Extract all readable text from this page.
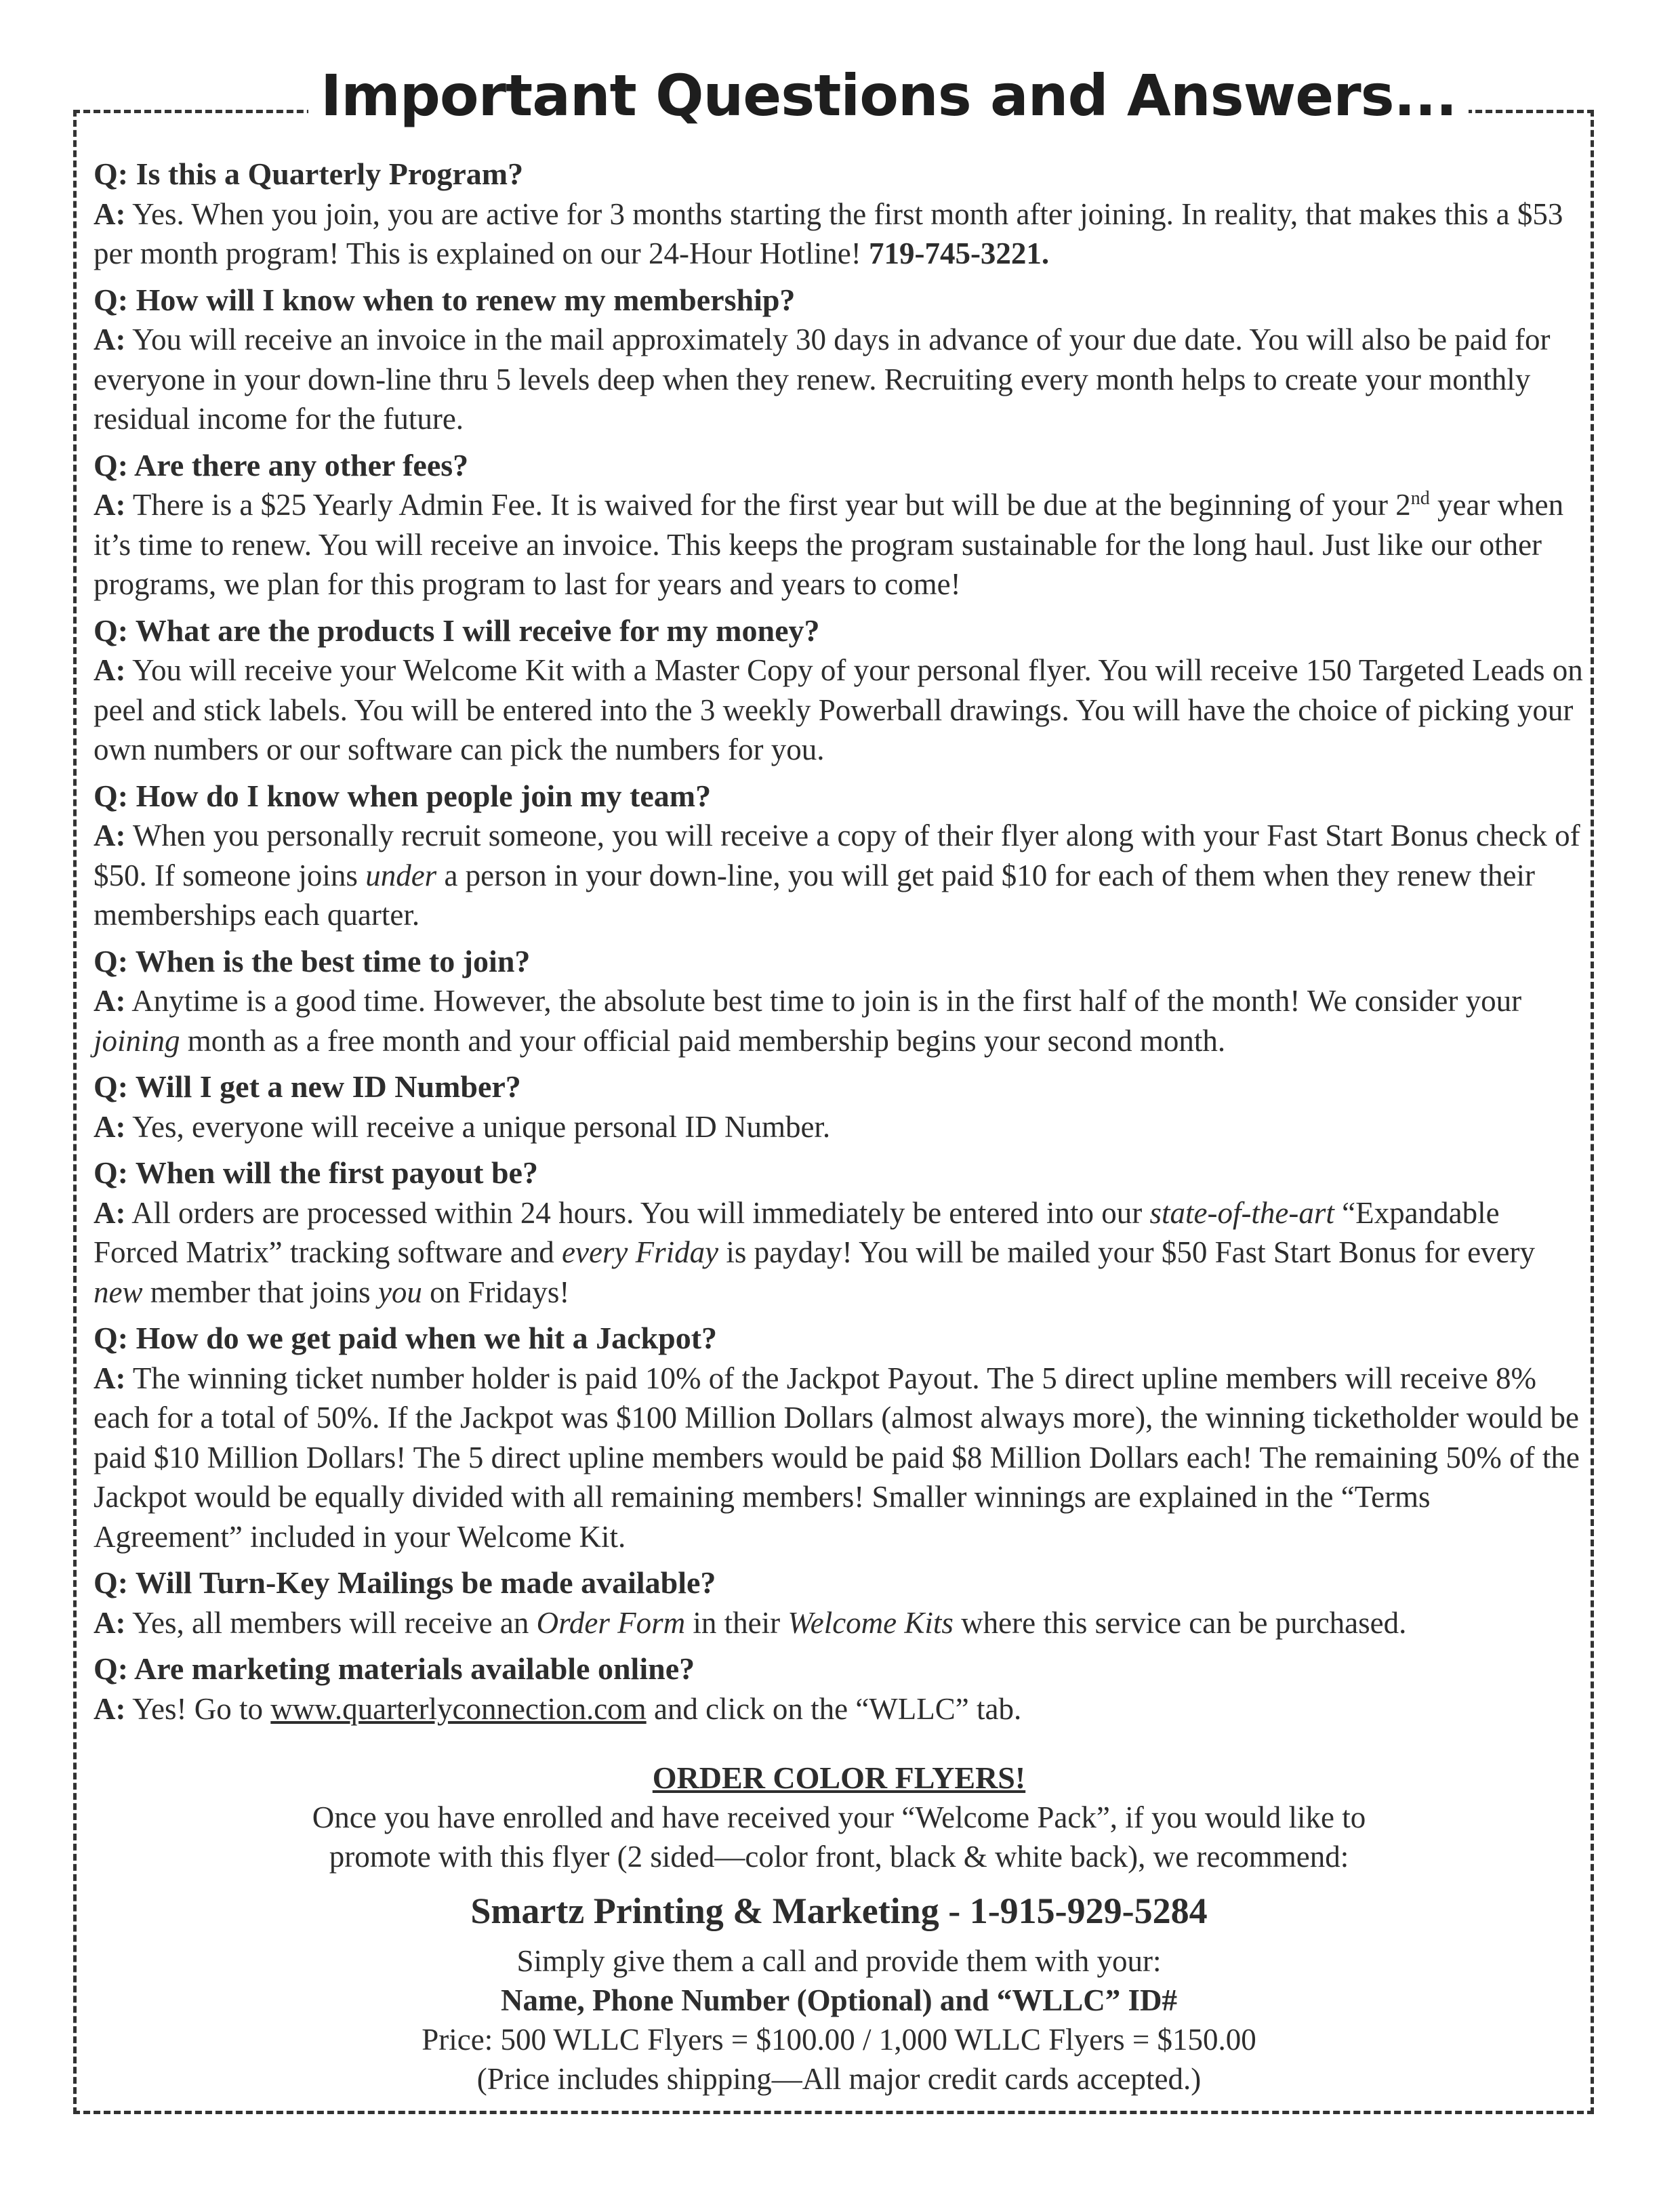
Important Questions and Answers...
Q: Is this a Quarterly Program?
A: Yes. When you join, you are active for 3 months starting the first month after joining. In reality, that makes this a $53 per month program! This is explained on our 24-Hour Hotline! 719-745-3221.
Q: How will I know when to renew my membership?
A: You will receive an invoice in the mail approximately 30 days in advance of your due date. You will also be paid for everyone in your down-line thru 5 levels deep when they renew. Recruiting every month helps to create your monthly residual income for the future.
Q: Are there any other fees?
A: There is a $25 Yearly Admin Fee. It is waived for the first year but will be due at the beginning of your 2nd year when it’s time to renew. You will receive an invoice. This keeps the program sustainable for the long haul. Just like our other programs, we plan for this program to last for years and years to come!
Q: What are the products I will receive for my money?
A: You will receive your Welcome Kit with a Master Copy of your personal flyer. You will receive 150 Targeted Leads on peel and stick labels. You will be entered into the 3 weekly Powerball drawings. You will have the choice of picking your own numbers or our software can pick the numbers for you.
Q: How do I know when people join my team?
A: When you personally recruit someone, you will receive a copy of their flyer along with your Fast Start Bonus check of $50. If someone joins under a person in your down-line, you will get paid $10 for each of them when they renew their memberships each quarter.
Q: When is the best time to join?
A: Anytime is a good time. However, the absolute best time to join is in the first half of the month! We consider your joining month as a free month and your official paid membership begins your second month.
Q: Will I get a new ID Number?
A: Yes, everyone will receive a unique personal ID Number.
Q: When will the first payout be?
A: All orders are processed within 24 hours. You will immediately be entered into our state-of-the-art “Expandable Forced Matrix” tracking software and every Friday is payday! You will be mailed your $50 Fast Start Bonus for every new member that joins you on Fridays!
Q: How do we get paid when we hit a Jackpot?
A: The winning ticket number holder is paid 10% of the Jackpot Payout. The 5 direct upline members will receive 8% each for a total of 50%. If the Jackpot was $100 Million Dollars (almost always more), the winning ticketholder would be paid $10 Million Dollars! The 5 direct upline members would be paid $8 Million Dollars each! The remaining 50% of the Jackpot would be equally divided with all remaining members! Smaller winnings are explained in the “Terms Agreement” included in your Welcome Kit.
Q: Will Turn-Key Mailings be made available?
A: Yes, all members will receive an Order Form in their Welcome Kits where this service can be purchased.
Q: Are marketing materials available online?
A: Yes! Go to www.quarterlyconnection.com and click on the “WLLC” tab.
ORDER COLOR FLYERS!
Once you have enrolled and have received your “Welcome Pack”, if you would like to
promote with this flyer (2 sided—color front, black & white back), we recommend:
Smartz Printing & Marketing - 1-915-929-5284
Simply give them a call and provide them with your:
Name, Phone Number (Optional) and “WLLC” ID#
Price: 500 WLLC Flyers = $100.00 / 1,000 WLLC Flyers = $150.00
(Price includes shipping—All major credit cards accepted.)
